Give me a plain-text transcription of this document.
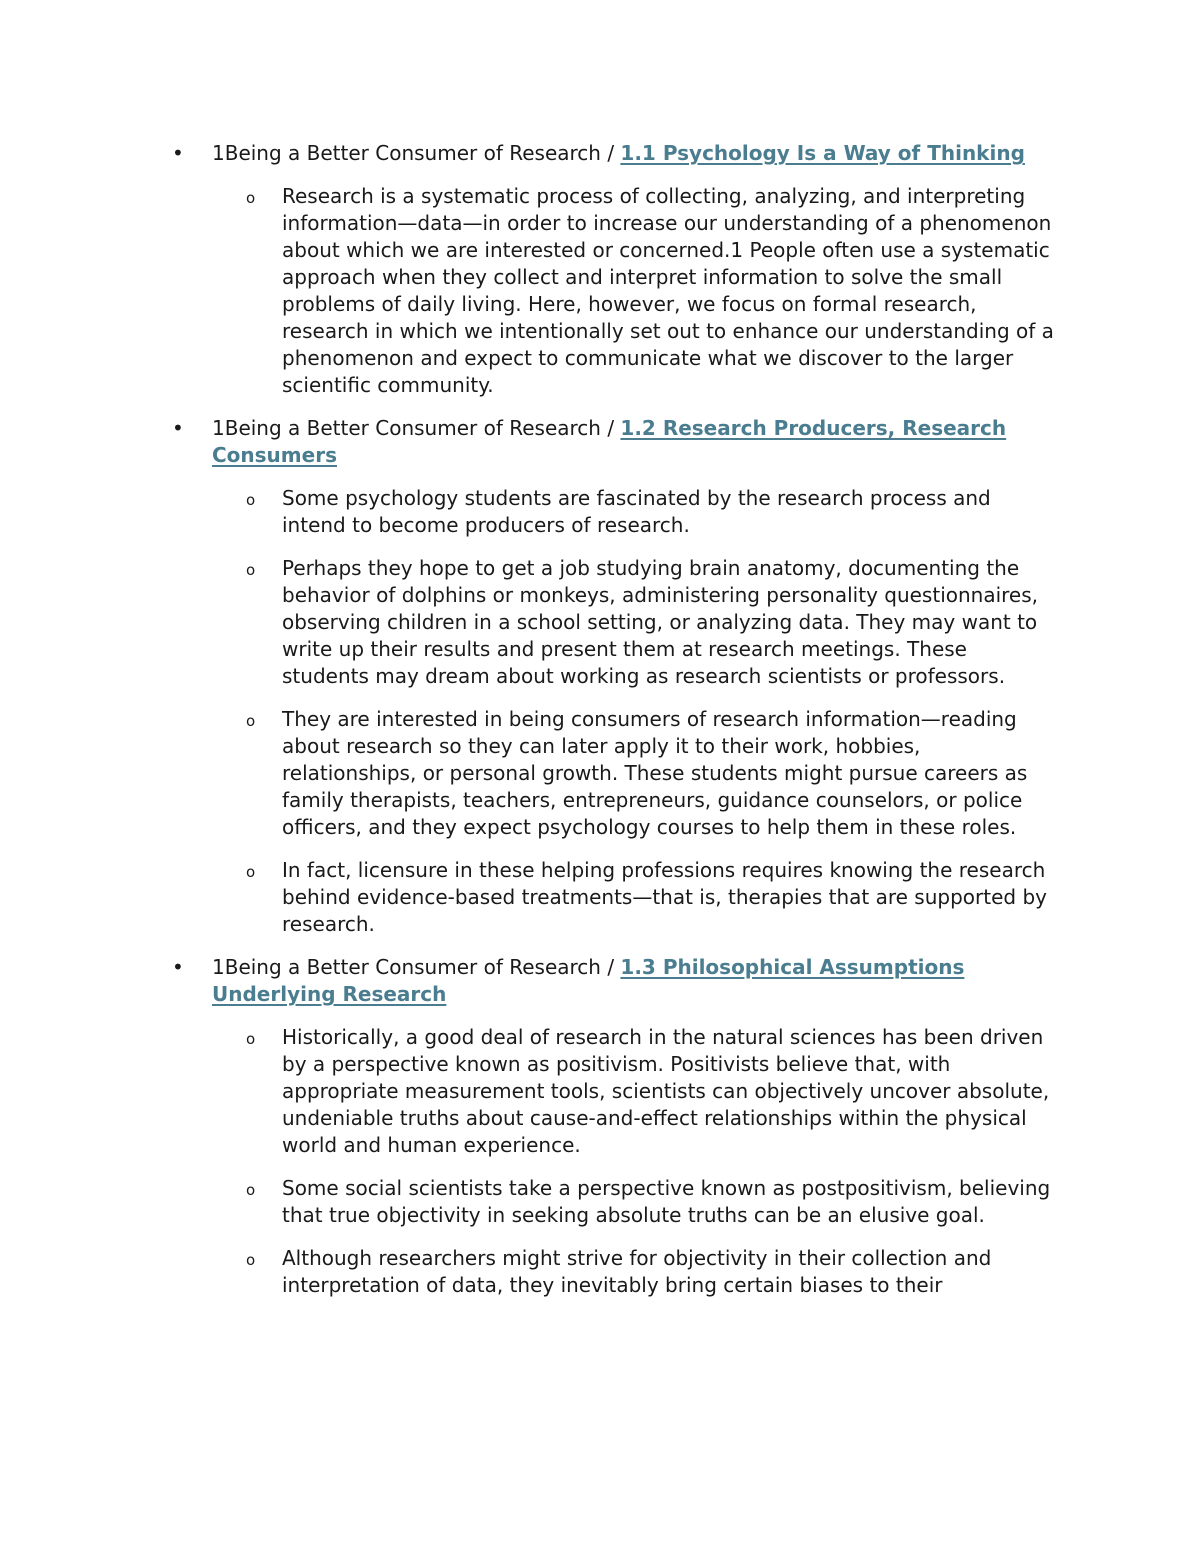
• 1Being a Better Consumer of Research / 1.1 Psychology Is a Way of Thinking

o Research is a systematic process of collecting, analyzing, and interpreting information—data—in order to increase our understanding of a phenomenon about which we are interested or concerned.1 People often use a systematic approach when they collect and interpret information to solve the small problems of daily living. Here, however, we focus on formal research, research in which we intentionally set out to enhance our understanding of a phenomenon and expect to communicate what we discover to the larger scientific community.

• 1Being a Better Consumer of Research / 1.2 Research Producers, Research Consumers

o Some psychology students are fascinated by the research process and intend to become producers of research.

o Perhaps they hope to get a job studying brain anatomy, documenting the behavior of dolphins or monkeys, administering personality questionnaires, observing children in a school setting, or analyzing data. They may want to write up their results and present them at research meetings. These students may dream about working as research scientists or professors.

o They are interested in being consumers of research information—reading about research so they can later apply it to their work, hobbies, relationships, or personal growth. These students might pursue careers as family therapists, teachers, entrepreneurs, guidance counselors, or police officers, and they expect psychology courses to help them in these roles.

o In fact, licensure in these helping professions requires knowing the research behind evidence-based treatments—that is, therapies that are supported by research.

• 1Being a Better Consumer of Research / 1.3 Philosophical Assumptions Underlying Research

o Historically, a good deal of research in the natural sciences has been driven by a perspective known as positivism. Positivists believe that, with appropriate measurement tools, scientists can objectively uncover absolute, undeniable truths about cause-and-effect relationships within the physical world and human experience.

o Some social scientists take a perspective known as postpositivism, believing that true objectivity in seeking absolute truths can be an elusive goal.

o Although researchers might strive for objectivity in their collection and interpretation of data, they inevitably bring certain biases to their
